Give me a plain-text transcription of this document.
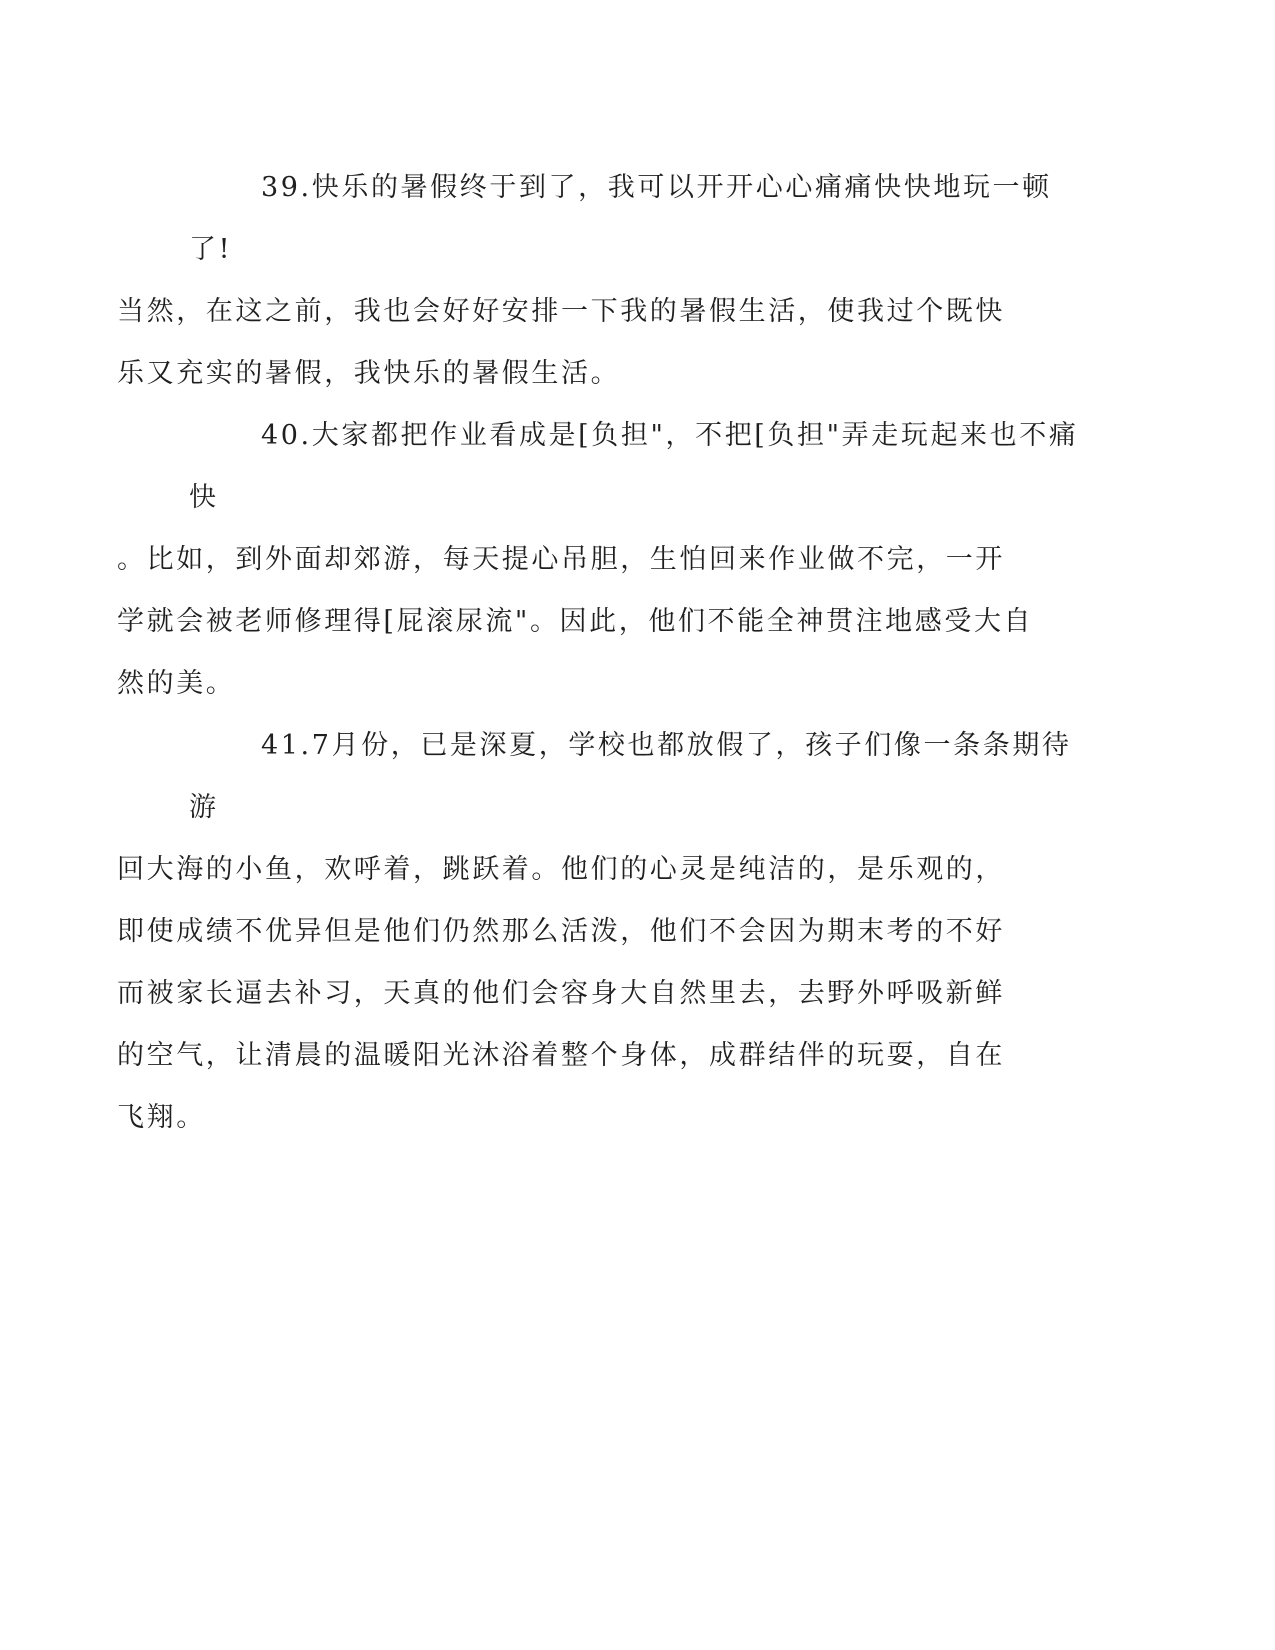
39.快乐的暑假终于到了，我可以开开心心痛痛快快地玩一顿了!
当然，在这之前，我也会好好安排一下我的暑假生活，使我过个既快
乐又充实的暑假，我快乐的暑假生活。

40.大家都把作业看成是[负担"，不把[负担"弄走玩起来也不痛快
。比如，到外面却郊游，每天提心吊胆，生怕回来作业做不完，一开
学就会被老师修理得[屁滚尿流"。因此，他们不能全神贯注地感受大自
然的美。

41.7月份，已是深夏，学校也都放假了，孩子们像一条条期待游
回大海的小鱼，欢呼着，跳跃着。他们的心灵是纯洁的，是乐观的，
即使成绩不优异但是他们仍然那么活泼，他们不会因为期末考的不好
而被家长逼去补习，天真的他们会容身大自然里去，去野外呼吸新鲜
的空气，让清晨的温暖阳光沐浴着整个身体，成群结伴的玩耍，自在
飞翔。
